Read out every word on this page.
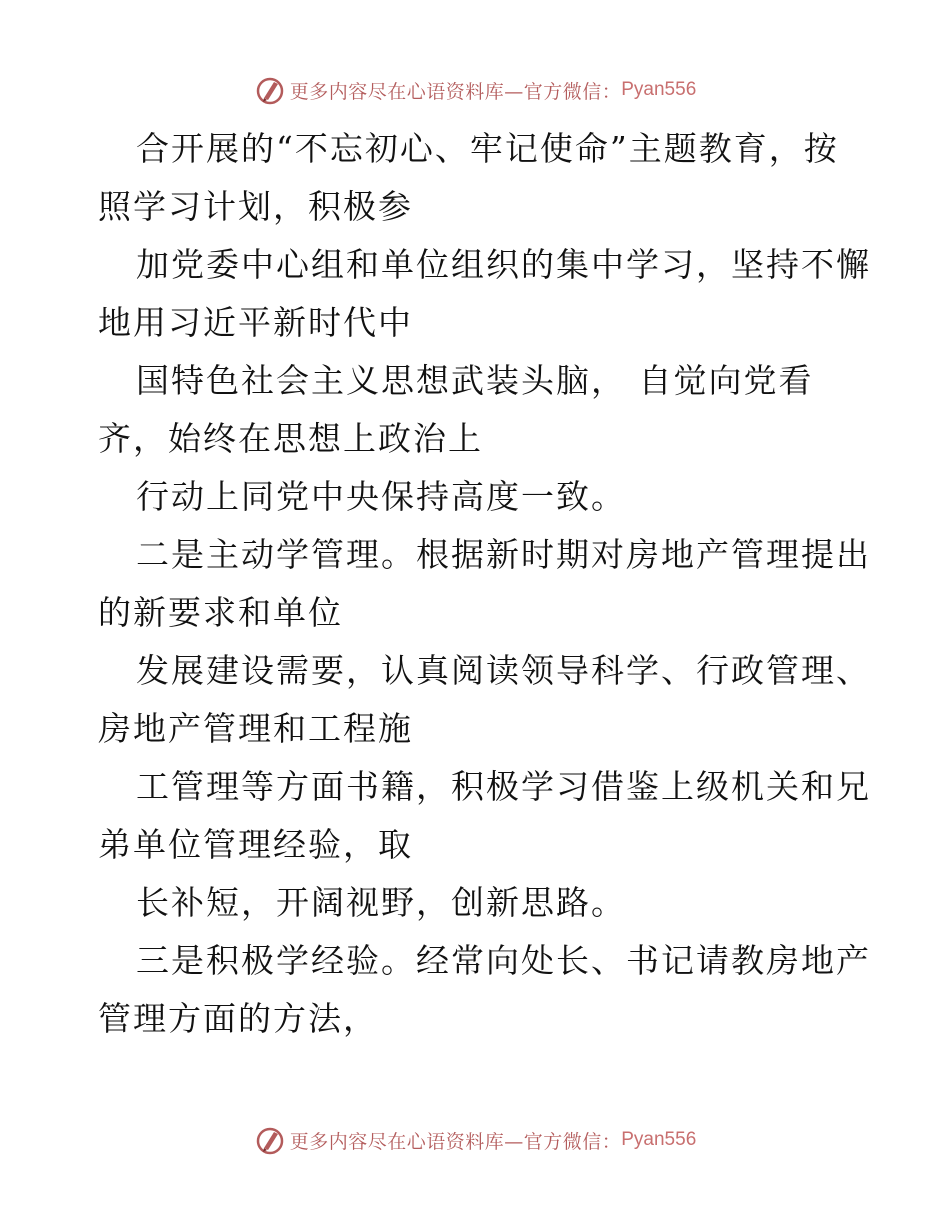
更多内容尽在心语资料库—官方微信： Pyan556
合开展的“不忘初心、牢记使命”主题教育，按
照学习计划，积极参
加党委中心组和单位组织的集中学习，坚持不懈
地用习近平新时代中
国特色社会主义思想武装头脑， 自觉向党看
齐，始终在思想上政治上
行动上同党中央保持高度一致。
二是主动学管理。根据新时期对房地产管理提出
的新要求和单位
发展建设需要，认真阅读领导科学、行政管理、
房地产管理和工程施
工管理等方面书籍，积极学习借鉴上级机关和兄
弟单位管理经验，取
长补短，开阔视野，创新思路。
三是积极学经验。经常向处长、书记请教房地产
管理方面的方法，
更多内容尽在心语资料库—官方微信： Pyan556
